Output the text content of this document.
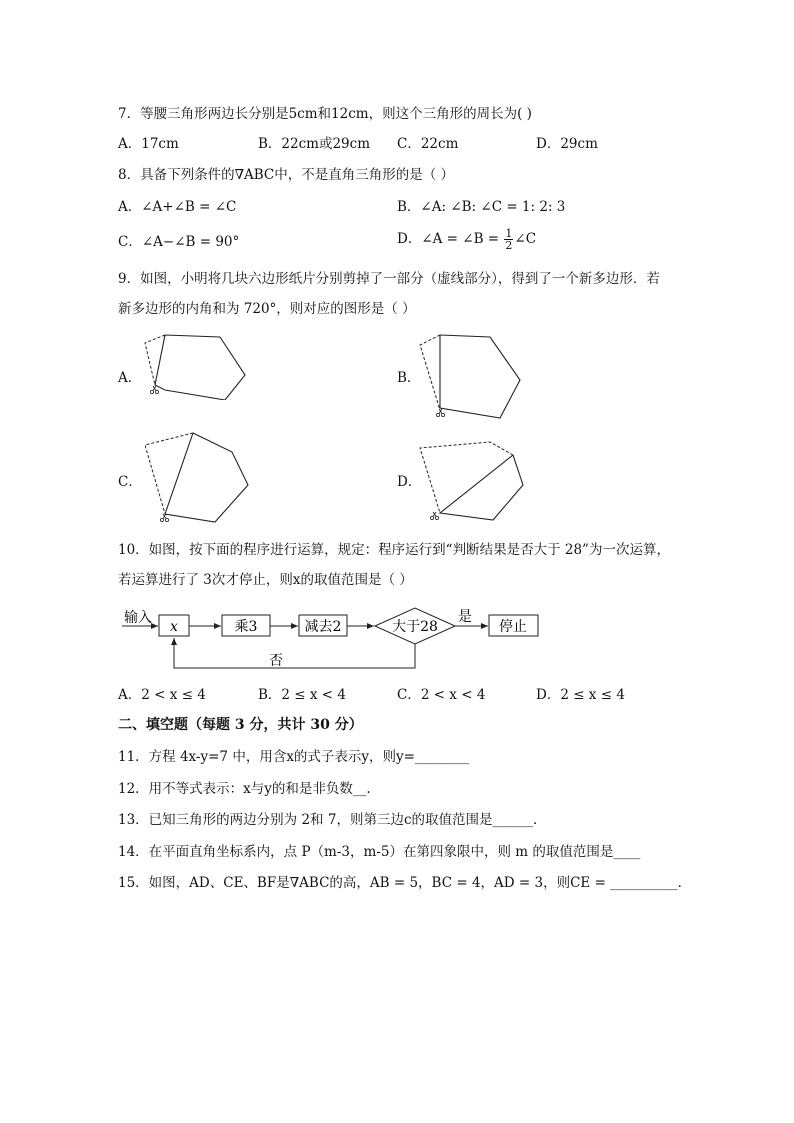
7．等腰三角形两边长分别是5cm和12cm，则这个三角形的周长为( )
A．17cm	B．22cm或29cm C．22cm	D．29cm
8．具备下列条件的∇ABC中，不是直角三角形的是（ ）
A．∠A+∠B = ∠C	B．∠A: ∠B: ∠C = 1: 2: 3
C．∠A−∠B = 90°	D．∠A = ∠B = $\frac{1}{2}$ ∠C
9．如图，小明将几块六边形纸片分别剪掉了一部分（虚线部分），得到了一个新多边形．若
新多边形的内角和为 720°，则对应的图形是（ ）
A．	B．
C．	D．
10．如图，按下面的程序进行运算，规定：程序运行到“判断结果是否大于 28”为一次运算，
若运算进行了 3次才停止，则x的取值范围是（ ）
输入
x	乘3	减去2	大于28
是
停止
否
A．2 < x ≤ 4	B．2 ≤ x < 4	C．2 < x < 4	D．2 ≤ x ≤ 4
二、填空题（每题 3 分，共计 30 分）
11．方程 4x-y=7 中，用含x的式子表示y，则y=________
12．用不等式表示：x与y的和是非负数__.
13．已知三角形的两边分别为 2和 7，则第三边c的取值范围是______．
14．在平面直角坐标系内，点 P（m-3，m-5）在第四象限中，则 m 的取值范围是____
15．如图，AD、CE、BF是∇ABC的高，AB = 5，BC = 4，AD = 3，则CE = __________．
